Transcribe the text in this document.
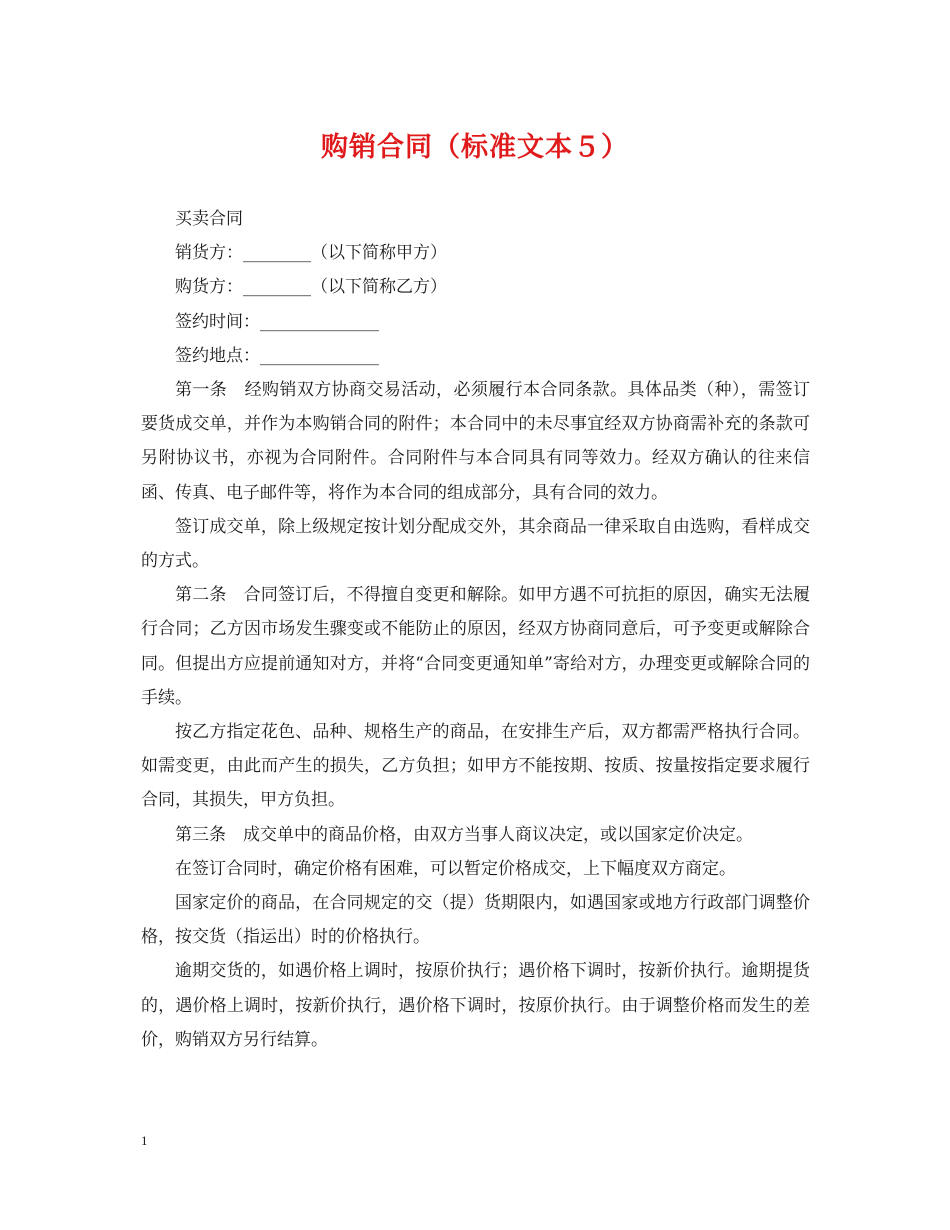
购销合同（标准文本５）

买卖合同

销货方：________（以下简称甲方）

购货方：________（以下简称乙方）

签约时间：______________

签约地点：______________

第一条　经购销双方协商交易活动，必须履行本合同条款。具体品类（种），需签订要货成交单，并作为本购销合同的附件；本合同中的未尽事宜经双方协商需补充的条款可另附协议书，亦视为合同附件。合同附件与本合同具有同等效力。经双方确认的往来信函、传真、电子邮件等，将作为本合同的组成部分，具有合同的效力。

签订成交单，除上级规定按计划分配成交外，其余商品一律采取自由选购，看样成交的方式。

第二条　合同签订后，不得擅自变更和解除。如甲方遇不可抗拒的原因，确实无法履行合同；乙方因市场发生骤变或不能防止的原因，经双方协商同意后，可予变更或解除合同。但提出方应提前通知对方，并将“合同变更通知单”寄给对方，办理变更或解除合同的手续。

按乙方指定花色、品种、规格生产的商品，在安排生产后，双方都需严格执行合同。如需变更，由此而产生的损失，乙方负担；如甲方不能按期、按质、按量按指定要求履行合同，其损失，甲方负担。

第三条　成交单中的商品价格，由双方当事人商议决定，或以国家定价决定。

在签订合同时，确定价格有困难，可以暂定价格成交，上下幅度双方商定。

国家定价的商品，在合同规定的交（提）货期限内，如遇国家或地方行政部门调整价格，按交货（指运出）时的价格执行。

逾期交货的，如遇价格上调时，按原价执行；遇价格下调时，按新价执行。逾期提货的，遇价格上调时，按新价执行，遇价格下调时，按原价执行。由于调整价格而发生的差价，购销双方另行结算。

1
